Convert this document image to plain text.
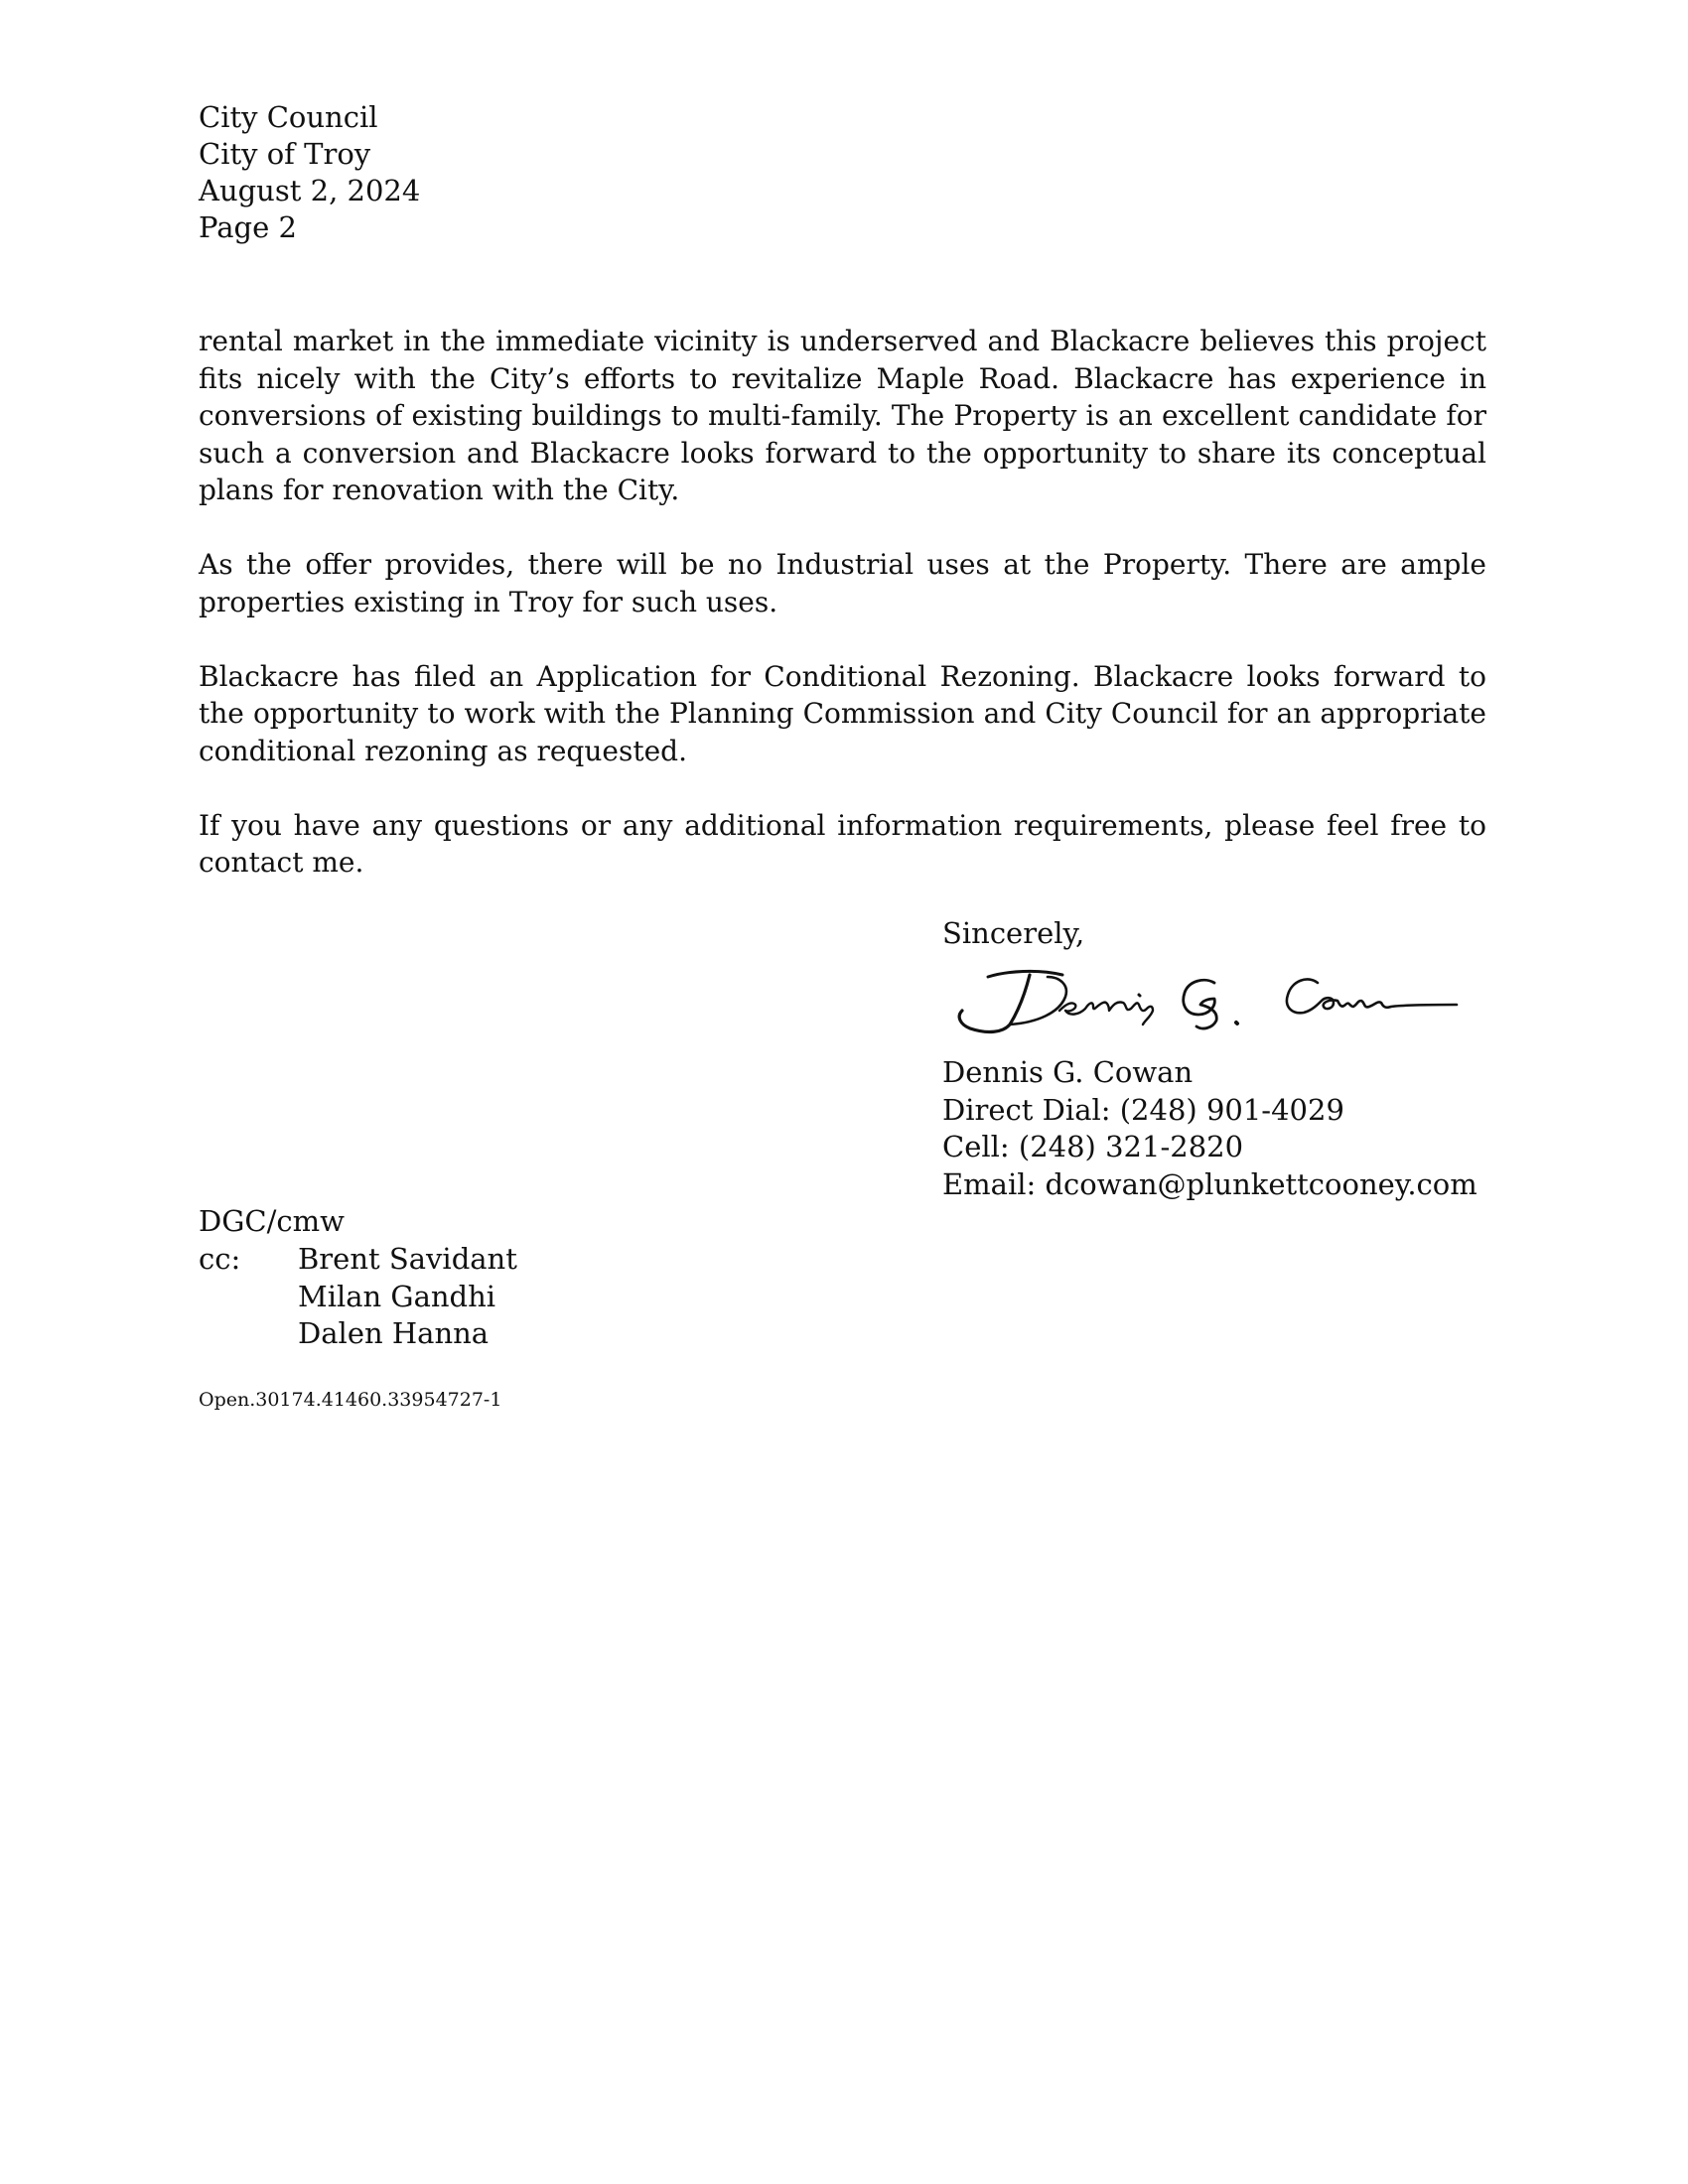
City Council
City of Troy
August 2, 2024
Page 2

rental market in the immediate vicinity is underserved and Blackacre believes this project fits nicely with the City’s efforts to revitalize Maple Road. Blackacre has experience in conversions of existing buildings to multi-family. The Property is an excellent candidate for such a conversion and Blackacre looks forward to the opportunity to share its conceptual plans for renovation with the City.

As the offer provides, there will be no Industrial uses at the Property. There are ample properties existing in Troy for such uses.

Blackacre has filed an Application for Conditional Rezoning. Blackacre looks forward to the opportunity to work with the Planning Commission and City Council for an appropriate conditional rezoning as requested.

If you have any questions or any additional information requirements, please feel free to contact me.

Sincerely,
Dennis G. Cowan
Direct Dial: (248) 901-4029
Cell: (248) 321-2820
Email: dcowan@plunkettcooney.com
DGC/cmw
cc: Brent Savidant
Milan Gandhi
Dalen Hanna
Open.30174.41460.33954727-1
